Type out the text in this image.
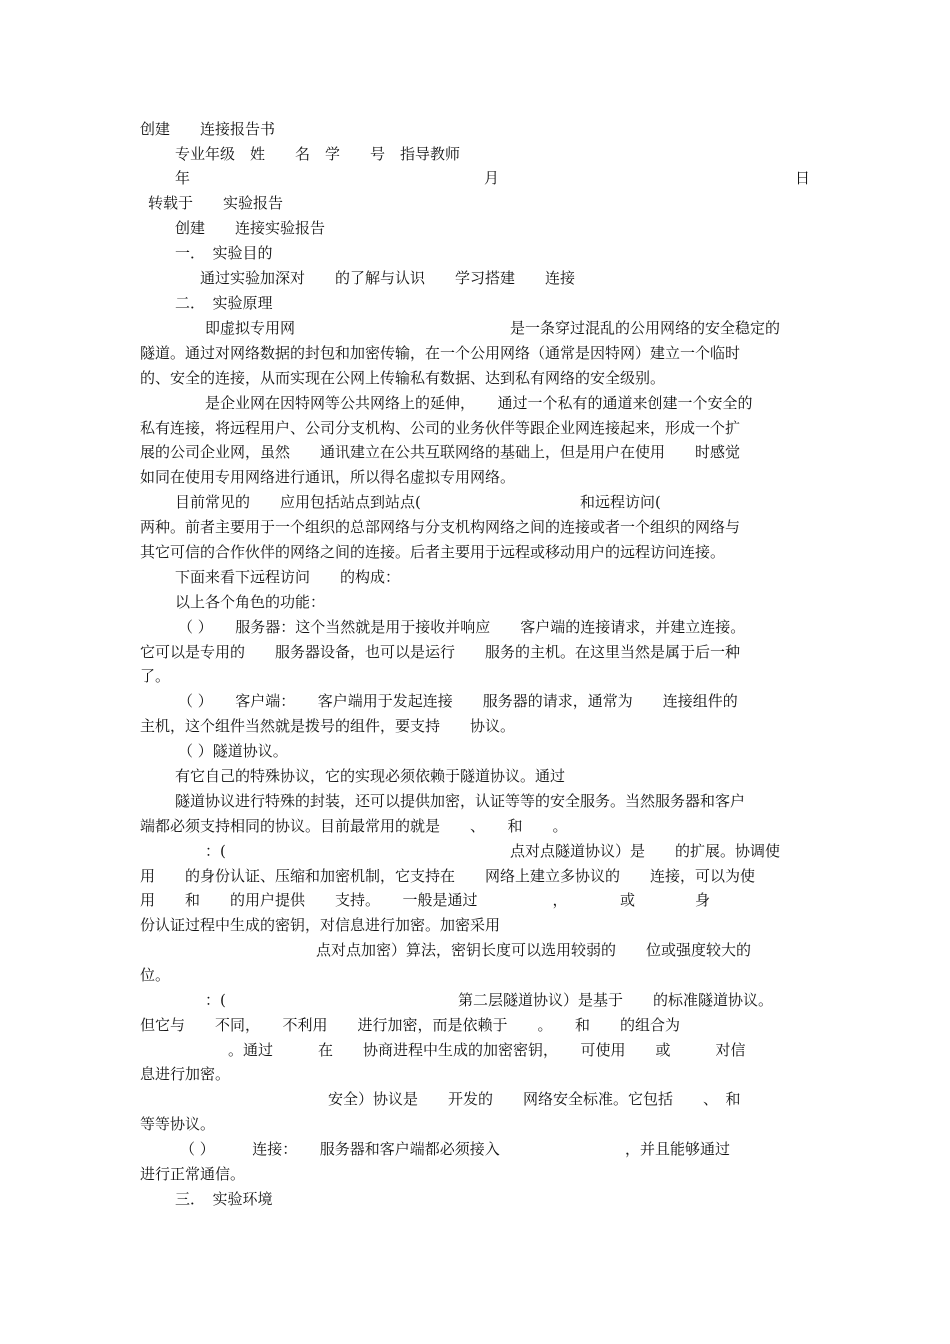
创建　　连接报告书
专业年级　姓　　名　学　　号　指导教师
年	月	日
转载于　　实验报告
创建　　连接实验报告
一．　实验目的
通过实验加深对　　的了解与认识　　学习搭建　　连接
二．　实验原理
即虚拟专用网	是一条穿过混乱的公用网络的安全稳定的
隧道。通过对网络数据的封包和加密传输，在一个公用网络（通常是因特网）建立一个临时
的、安全的连接，从而实现在公网上传输私有数据、达到私有网络的安全级别。
是企业网在因特网等公共网络上的延伸，　　通过一个私有的通道来创建一个安全的
私有连接，将远程用户、公司分支机构、公司的业务伙伴等跟企业网连接起来，形成一个扩
展的公司企业网，虽然　　通讯建立在公共互联网络的基础上，但是用户在使用　　时感觉
如同在使用专用网络进行通讯，所以得名虚拟专用网络。
目前常见的　　应用包括站点到站点(	和远程访问(
两种。前者主要用于一个组织的总部网络与分支机构网络之间的连接或者一个组织的网络与
其它可信的合作伙伴的网络之间的连接。后者主要用于远程或移动用户的远程访问连接。
下面来看下远程访问　　的构成：
以上各个角色的功能：
（ ）　　服务器：这个当然就是用于接收并响应　　客户端的连接请求，并建立连接。
它可以是专用的　　服务器设备，也可以是运行　　服务的主机。在这里当然是属于后一种
了。
（ ）　　客户端：　　客户端用于发起连接　　服务器的请求，通常为　　连接组件的
主机，这个组件当然就是拨号的组件，要支持　　协议。
（ ）隧道协议。
有它自己的特殊协议，它的实现必须依赖于隧道协议。通过
隧道协议进行特殊的封装，还可以提供加密，认证等等的安全服务。当然服务器和客户
端都必须支持相同的协议。目前最常用的就是　　、　　和　　。
：(	点对点隧道协议）是　　的扩展。协调使
用　　的身份认证、压缩和加密机制，它支持在　　网络上建立多协议的　　连接，可以为使
用　　和　　的用户提供　　支持。　　一般是通过　　　　　，　　　　或　　　　身
份认证过程中生成的密钥，对信息进行加密。加密采用
点对点加密）算法，密钥长度可以选用较弱的　　位或强度较大的
位。
：(	第二层隧道协议）是基于　　的标准隧道协议。
但它与　　不同，　　不利用　　进行加密，而是依赖于　　。　　和　　的组合为
。通过　　　在　　协商进程中生成的加密密钥，　　可使用　　或　　　对信
息进行加密。
安全）协议是　　开发的　　网络安全标准。它包括　　、　和
等等协议。
（ ）　　　连接：　　服务器和客户端都必须接入	，并且能够通过
进行正常通信。
三．　实验环境
